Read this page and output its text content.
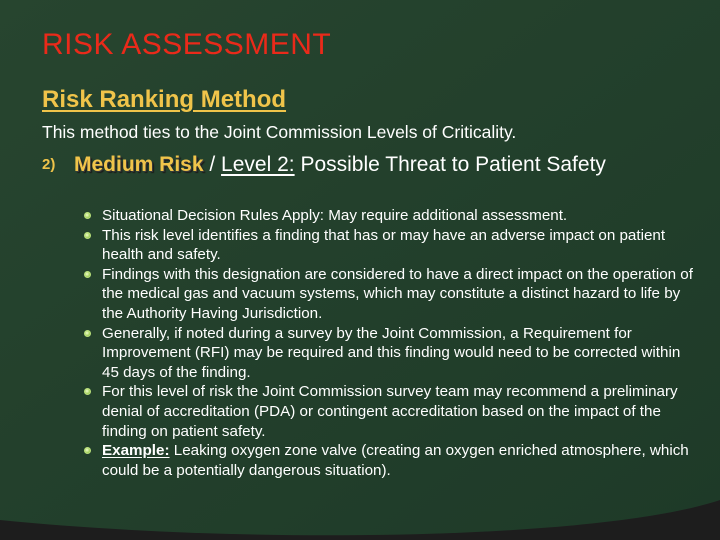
RISK ASSESSMENT
Risk Ranking Method

This method ties to the Joint Commission Levels of Criticality.

2) Medium Risk / Level 2: Possible Threat to Patient Safety
Situational Decision Rules Apply: May require additional assessment.
This risk level identifies a finding that has or may have an adverse impact on patient health and safety.
Findings with this designation are considered to have a direct impact on the operation of the medical gas and vacuum systems, which may constitute a distinct hazard to life by the Authority Having Jurisdiction.
Generally, if noted during a survey by the Joint Commission, a Requirement for Improvement (RFI) may be required and this finding would need to be corrected within 45 days of the finding.
For this level of risk the Joint Commission survey team may recommend a preliminary denial of accreditation (PDA) or contingent accreditation based on the impact of the finding on patient safety.
Example: Leaking oxygen zone valve (creating an oxygen enriched atmosphere, which could be a potentially dangerous situation).
